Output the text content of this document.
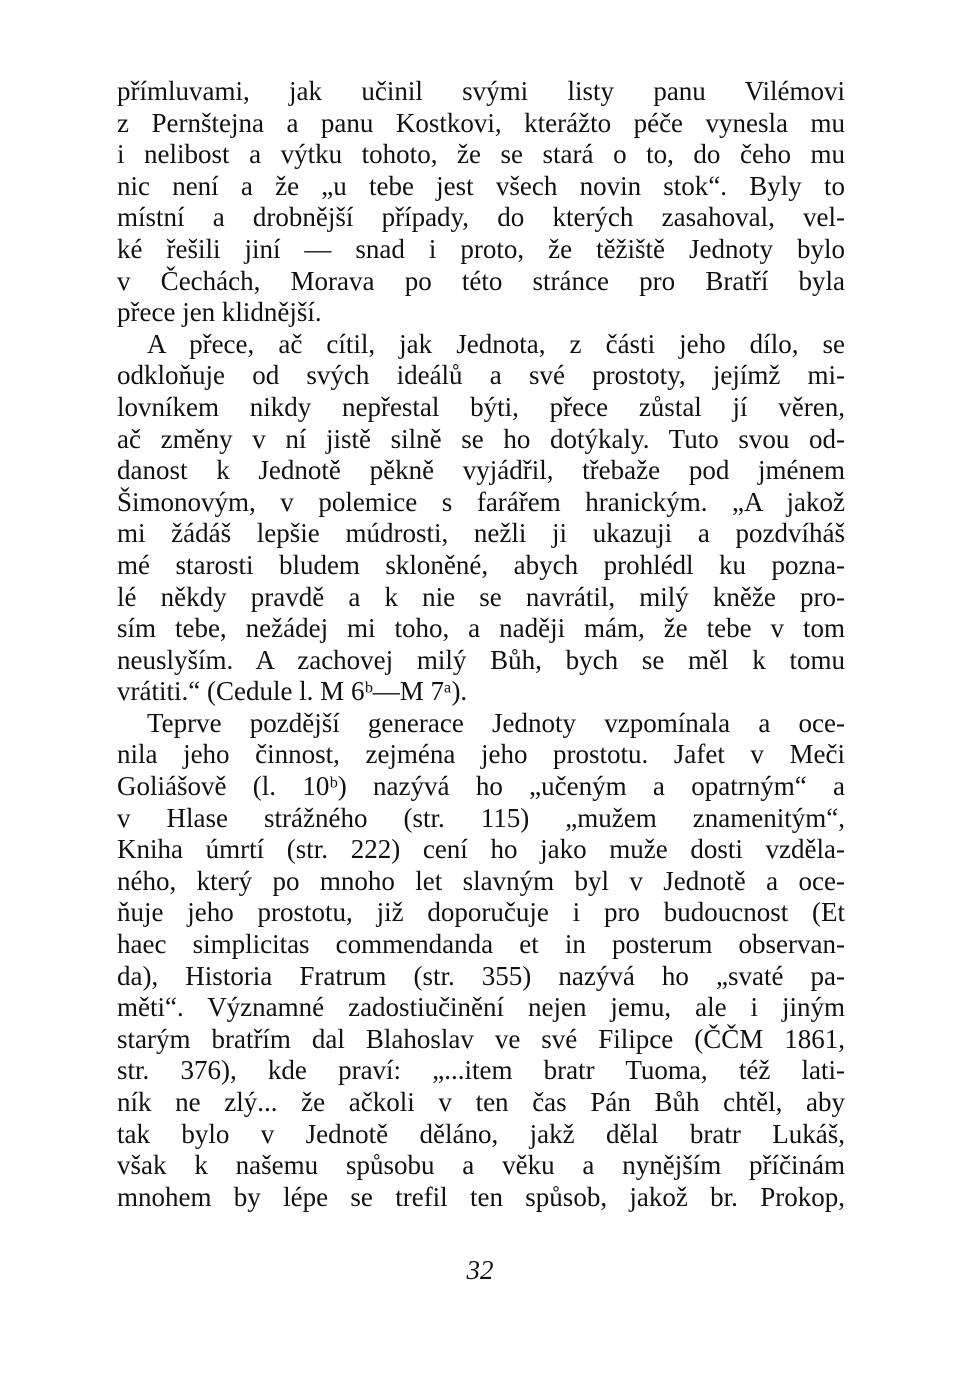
přímluvami, jak učinil svými listy panu Vilémovi
z Pernštejna a panu Kostkovi, kterážto péče vynesla mu
i nelibost a výtku tohoto, že se stará o to, do čeho mu
nic není a že „u tebe jest všech novin stok“. Byly to
místní a drobnější případy, do kterých zasahoval, vel-
ké řešili jiní — snad i proto, že těžiště Jednoty bylo
v Čechách, Morava po této stránce pro Bratří byla
přece jen klidnější.
A přece, ač cítil, jak Jednota, z části jeho dílo, se
odkloňuje od svých ideálů a své prostoty, jejímž mi-
lovníkem nikdy nepřestal býti, přece zůstal jí věren,
ač změny v ní jistě silně se ho dotýkaly. Tuto svou od-
danost k Jednotě pěkně vyjádřil, třebaže pod jménem
Šimonovým, v polemice s farářem hranickým. „A jakož
mi žádáš lepšie múdrosti, nežli ji ukazuji a pozdvíháš
mé starosti bludem skloněné, abych prohlédl ku pozna-
lé někdy pravdě a k nie se navrátil, milý kněže pro-
sím tebe, nežádej mi toho, a naději mám, že tebe v tom
neuslyším. A zachovej milý Bůh, bych se měl k tomu
vrátiti.“ (Cedule l. M 6ᵇ—M 7ᵃ).
Teprve pozdější generace Jednoty vzpomínala a oce-
nila jeho činnost, zejména jeho prostotu. Jafet v Meči
Goliášově (l. 10ᵇ) nazývá ho „učeným a opatrným“ a
v Hlase strážného (str. 115) „mužem znamenitým“,
Kniha úmrtí (str. 222) cení ho jako muže dosti vzděla-
ného, který po mnoho let slavným byl v Jednotě a oce-
ňuje jeho prostotu, již doporučuje i pro budoucnost (Et
haec simplicitas commendanda et in posterum observan-
da), Historia Fratrum (str. 355) nazývá ho „svaté pa-
měti“. Významné zadostiučinění nejen jemu, ale i jiným
starým bratřím dal Blahoslav ve své Filipce (ČČM 1861,
str. 376), kde praví: „...item bratr Tuoma, též lati-
ník ne zlý... že ačkoli v ten čas Pán Bůh chtěl, aby
tak bylo v Jednotě děláno, jakž dělal bratr Lukáš,
však k našemu spůsobu a věku a nynějším příčinám
mnohem by lépe se trefil ten spůsob, jakož br. Prokop,
32
